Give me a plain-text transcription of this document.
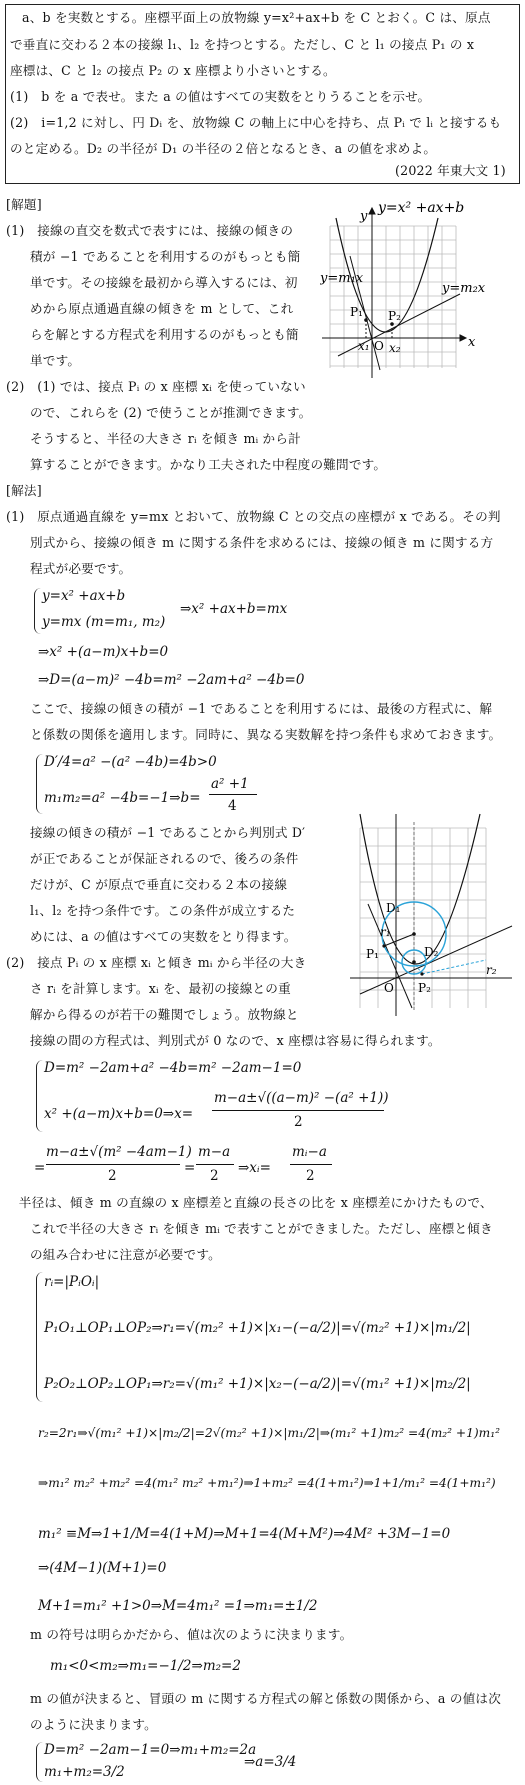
a、b を実数とする。座標平面上の放物線 y=x²+ax+b を C とおく。C は、原点
で垂直に交わる２本の接線 l₁、l₂ を持つとする。ただし、C と l₁ の接点 P₁ の x
座標は、C と l₂ の接点 P₂ の x 座標より小さいとする。
(1)　b を a で表せ。また a の値はすべての実数をとりうることを示せ。
(2)　i=1,2 に対し、円 Dᵢ を、放物線 C の軸上に中心を持ち、点 Pᵢ で lᵢ と接するも
のと定める。D₂ の半径が D₁ の半径の２倍となるとき、a の値を求めよ。
(2022 年東大文 1)
[解題]
(1)　接線の直交を数式で表すには、接線の傾きの
積が −1 であることを利用するのがもっとも簡
単です。その接線を最初から導入するには、初
めから原点通過直線の傾きを m として、これ
らを解とする方程式を利用するのがもっとも簡
単です。
(2)　(1) では、接点 Pᵢ の x 座標 xᵢ を使っていない
ので、これらを (2) で使うことが推測できます。
そうすると、半径の大きさ rᵢ を傾き mᵢ から計
算することができます。かなり工夫された中程度の難問です。
y
x
y=x² +ax+b
y=m₁x
y=m₂x
P₁ P₂
x₁ x₂
O
[解法]
(1)　原点通過直線を y=mx とおいて、放物線 C との交点の座標が x である。その判
別式から、接線の傾き m に関する条件を求めるには、接線の傾き m に関する方
程式が必要です。
y=x² +ax+b
y=mx (m=m₁, m₂)
⇒x² +ax+b=mx
⇒x² +(a−m)x+b=0
⇒D=(a−m)² −4b=m² −2am+a² −4b=0
ここで、接線の傾きの積が −1 であることを利用するには、最後の方程式に、解
と係数の関係を適用します。同時に、異なる実数解を持つ条件も求めておきます。
D′/4=a² −(a² −4b)=4b>0
m₁m₂=a² −4b=−1⇒b=
a² +1
4
接線の傾きの積が −1 であることから判別式 D′
が正であることが保証されるので、後ろの条件
だけが、C が原点で垂直に交わる２本の接線
l₁、l₂ を持つ条件です。この条件が成立するた
めには、a の値はすべての実数をとり得ます。
(2)　接点 Pᵢ の x 座標 xᵢ と傾き mᵢ から半径の大き
さ rᵢ を計算します。xᵢ を、最初の接線との重
解から得るのが若干の難関でしょう。放物線と
接線の間の方程式は、判別式が 0 なので、x 座標は容易に得られます。
D₁
D₂
r₁
r₂
P₁
P₂
O
D=m² −2am+a² −4b=m² −2am−1=0
x² +(a−m)x+b=0⇒x=
m−a±√((a−m)² −(a² +1))
2
=
m−a±√(m² −4am−1)
2	=
m−a
2 ⇒xᵢ=
mᵢ−a
2
　半径は、傾き m の直線の x 座標差と直線の長さの比を x 座標差にかけたもので、
これで半径の大きさ rᵢ を傾き mᵢ で表すことができました。ただし、座標と傾き
の組み合わせに注意が必要です。
rᵢ=|PᵢOᵢ|
P₁O₁⊥OP₁⊥OP₂⇒r₁=√(m₂² +1)×|x₁−(−a/2)|=√(m₂² +1)×|m₁/2|
P₂O₂⊥OP₂⊥OP₁⇒r₂=√(m₁² +1)×|x₂−(−a/2)|=√(m₁² +1)×|m₂/2|
r₂=2r₁⇒√(m₁² +1)×|m₂/2|=2√(m₂² +1)×|m₁/2|⇒(m₁² +1)m₂² =4(m₂² +1)m₁²
⇒m₁² m₂² +m₂² =4(m₁² m₂² +m₁²)⇒1+m₂² =4(1+m₁²)⇒1+1/m₁² =4(1+m₁²)
m₁² ≡M⇒1+1/M=4(1+M)⇒M+1=4(M+M²)⇒4M² +3M−1=0
⇒(4M−1)(M+1)=0
M+1=m₁² +1>0⇒M=4m₁² =1⇒m₁=±1/2
m の符号は明らかだから、値は次のように決まります。
m₁<0<m₂⇒m₁=−1/2⇒m₂=2
m の値が決まると、冒頭の m に関する方程式の解と係数の関係から、a の値は次
のように決まります。
D=m² −2am−1=0⇒m₁+m₂=2a
m₁+m₂=3/2
⇒a=3/4
